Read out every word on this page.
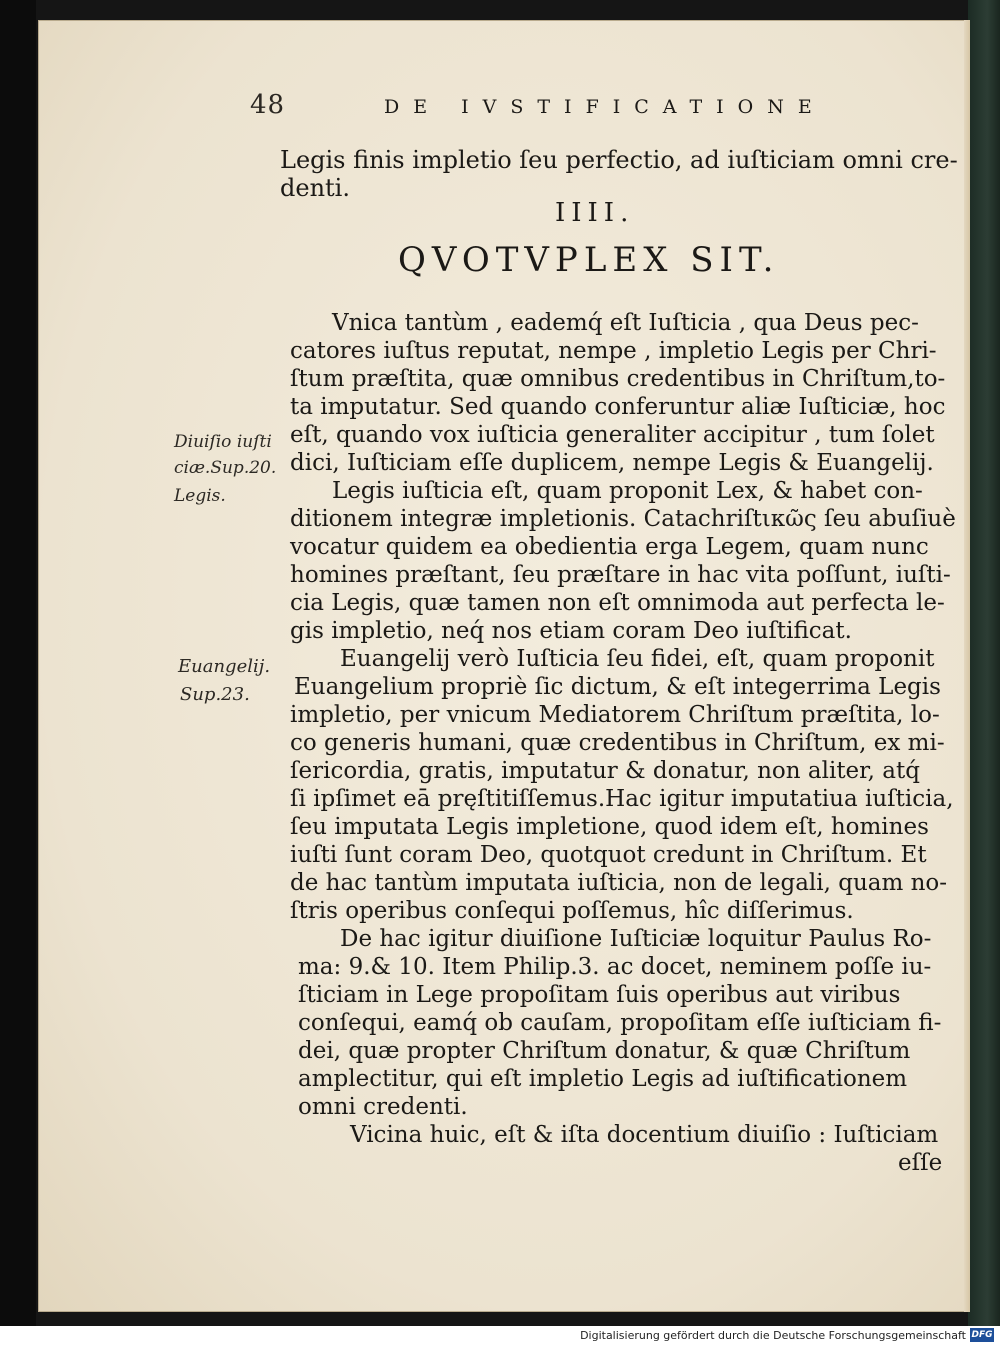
48	DE IVSTIFICATIONE
Legis finis impletio ſeu perfectio, ad iuſticiam omni cre-
denti.
IIII.
QVOTVPLEX SIT.
Vnica tantùm , eademq́ eſt Iuſticia , qua Deus pec-
catores iuſtus reputat, nempe , impletio Legis per Chri-
ſtum præſtita, quæ omnibus credentibus in Chriſtum,to-
ta imputatur. Sed quando conferuntur aliæ Iuſticiæ, hoc
eſt, quando vox iuſticia generaliter accipitur , tum ſolet
dici, Iuſticiam eſſe duplicem, nempe Legis & Euangelij.
Legis iuſticia eſt, quam proponit Lex, & habet con-
ditionem integræ impletionis. Catachriſtικῶς ſeu abuſiuè
vocatur quidem ea obedientia erga Legem, quam nunc
homines præſtant, ſeu præſtare in hac vita poſſunt, iuſti-
cia Legis, quæ tamen non eſt omnimoda aut perfecta le-
gis impletio, neq́ nos etiam coram Deo iuſtificat.
Euangelij verò Iuſticia ſeu fidei, eſt, quam proponit
Euangelium propriè ſic dictum, & eſt integerrima Legis
impletio, per vnicum Mediatorem Chriſtum præſtita, lo-
co generis humani, quæ credentibus in Chriſtum, ex mi-
ſericordia, gratis, imputatur & donatur, non aliter, atq́
ſi ipſimet eā pręſtitiſſemus.Hac igitur imputatiua iuſticia,
ſeu imputata Legis impletione, quod idem eſt, homines
iuſti ſunt coram Deo, quotquot credunt in Chriſtum. Et
de hac tantùm imputata iuſticia, non de legali, quam no-
ſtris operibus conſequi poſſemus, hîc diſſerimus.
De hac igitur diuiſione Iuſticiæ loquitur Paulus Ro-
ma: 9.& 10. Item Philip.3. ac docet, neminem poſſe iu-
ſticiam in Lege propoſitam ſuis operibus aut viribus
conſequi, eamq́ ob cauſam, propoſitam eſſe iuſticiam fi-
dei, quæ propter Chriſtum donatur, & quæ Chriſtum
amplectitur, qui eſt impletio Legis ad iuſtificationem
omni credenti.
Vicina huic, eſt & iſta docentium diuiſio : Iuſticiam
eſſe
Diuiſio iuſti
ciæ.Sup.20.
Legis.
Euangelij.
Sup.23.
Digitalisierung gefördert durch die Deutsche Forschungsgemeinschaft DFG
